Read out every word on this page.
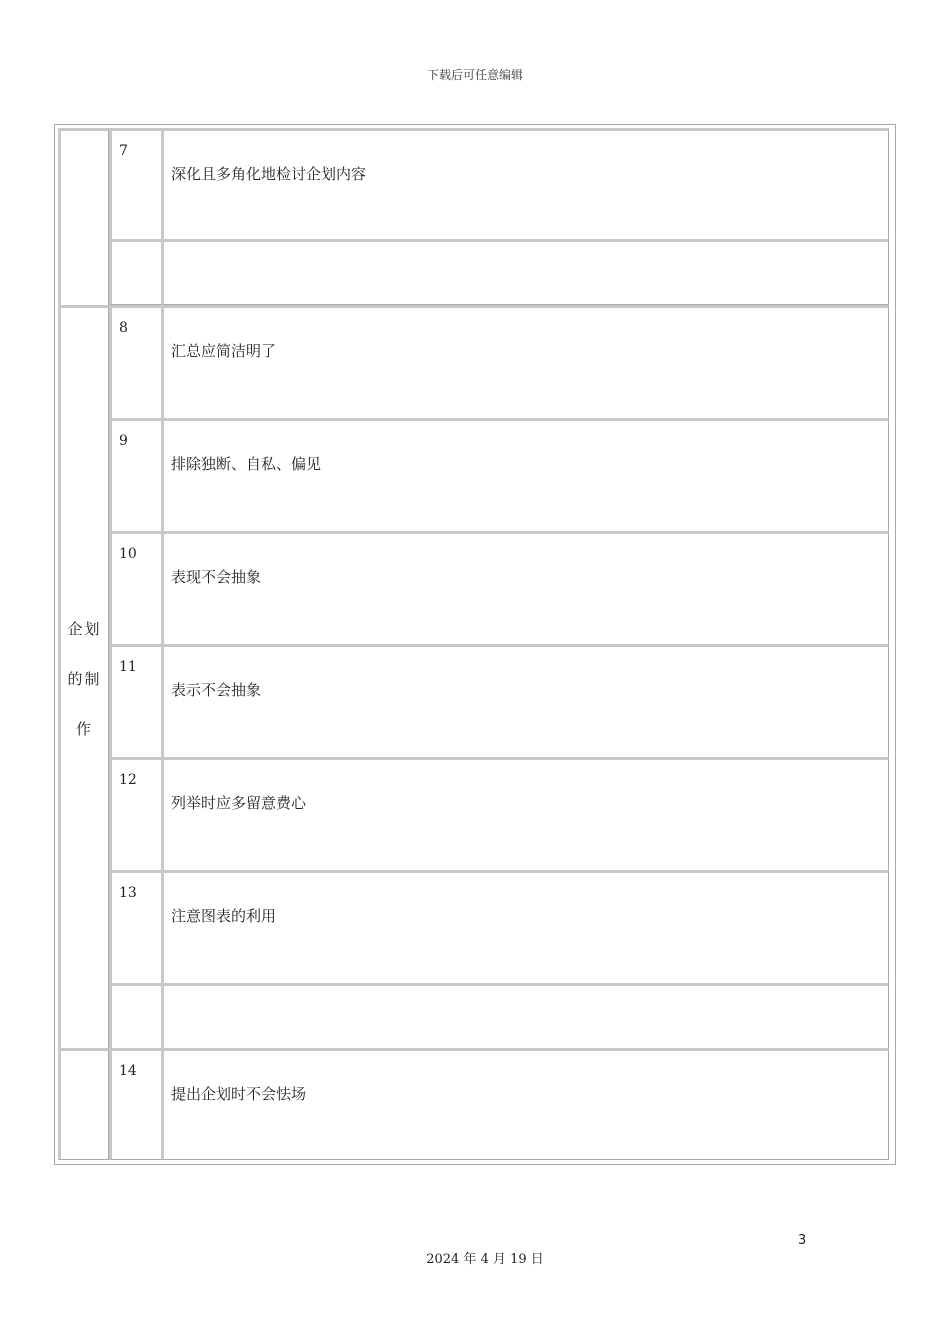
下载后可任意编辑
企划
的制
作
7
深化且多角化地检讨企划内容
8
汇总应简洁明了
9
排除独断、自私、偏见
10
表现不会抽象
11
表示不会抽象
12
列举时应多留意费心
13
注意图表的利用
14
提出企划时不会怯场
3
2024 年 4 月 19 日
